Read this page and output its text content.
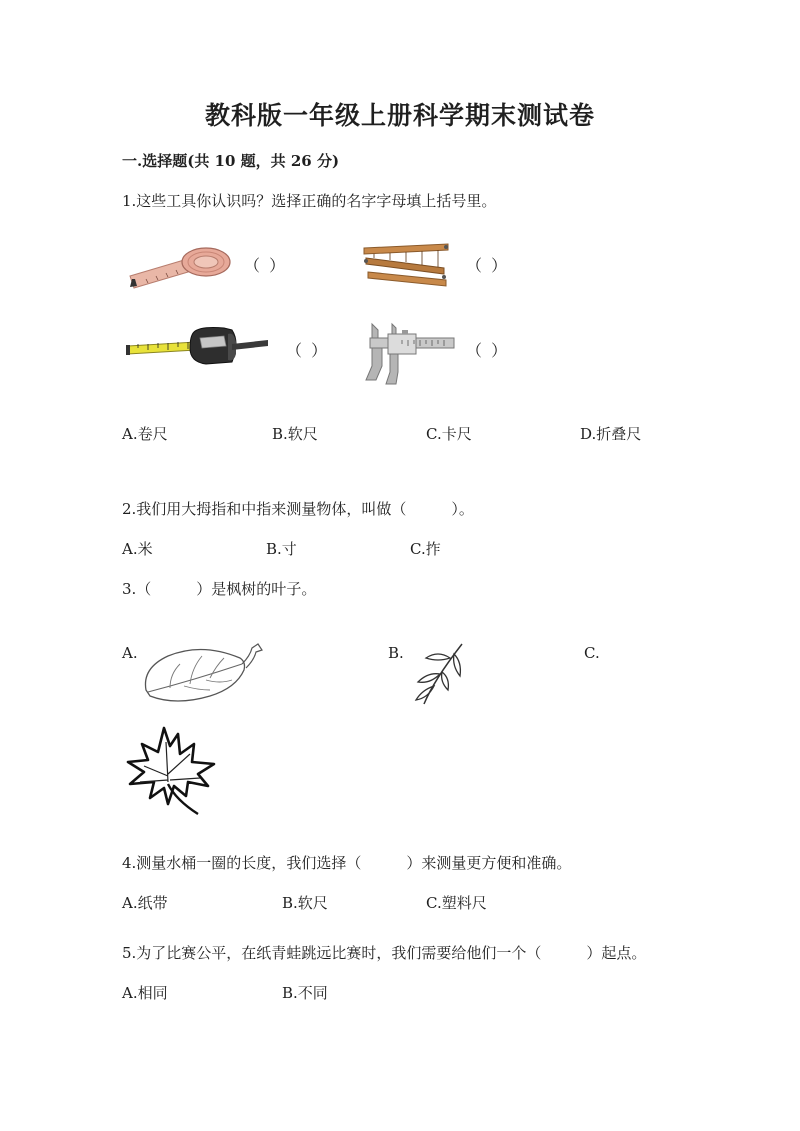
教科版一年级上册科学期末测试卷
一.选择题(共 10 题，共 26 分)
1.这些工具你认识吗？选择正确的名字字母填上括号里。
（ ）	（ ）
（ ）	（ ）
A.卷尺	B.软尺	C.卡尺	D.折叠尺
2.我们用大拇指和中指来测量物体，叫做（　　　）。
A.米	B.寸	C.拃
3.（　　　）是枫树的叶子。
A.	B.	C.
4.测量水桶一圈的长度，我们选择（　　　）来测量更方便和准确。
A.纸带	B.软尺	C.塑料尺
5.为了比赛公平，在纸青蛙跳远比赛时，我们需要给他们一个（　　　）起点。
A.相同	B.不同
